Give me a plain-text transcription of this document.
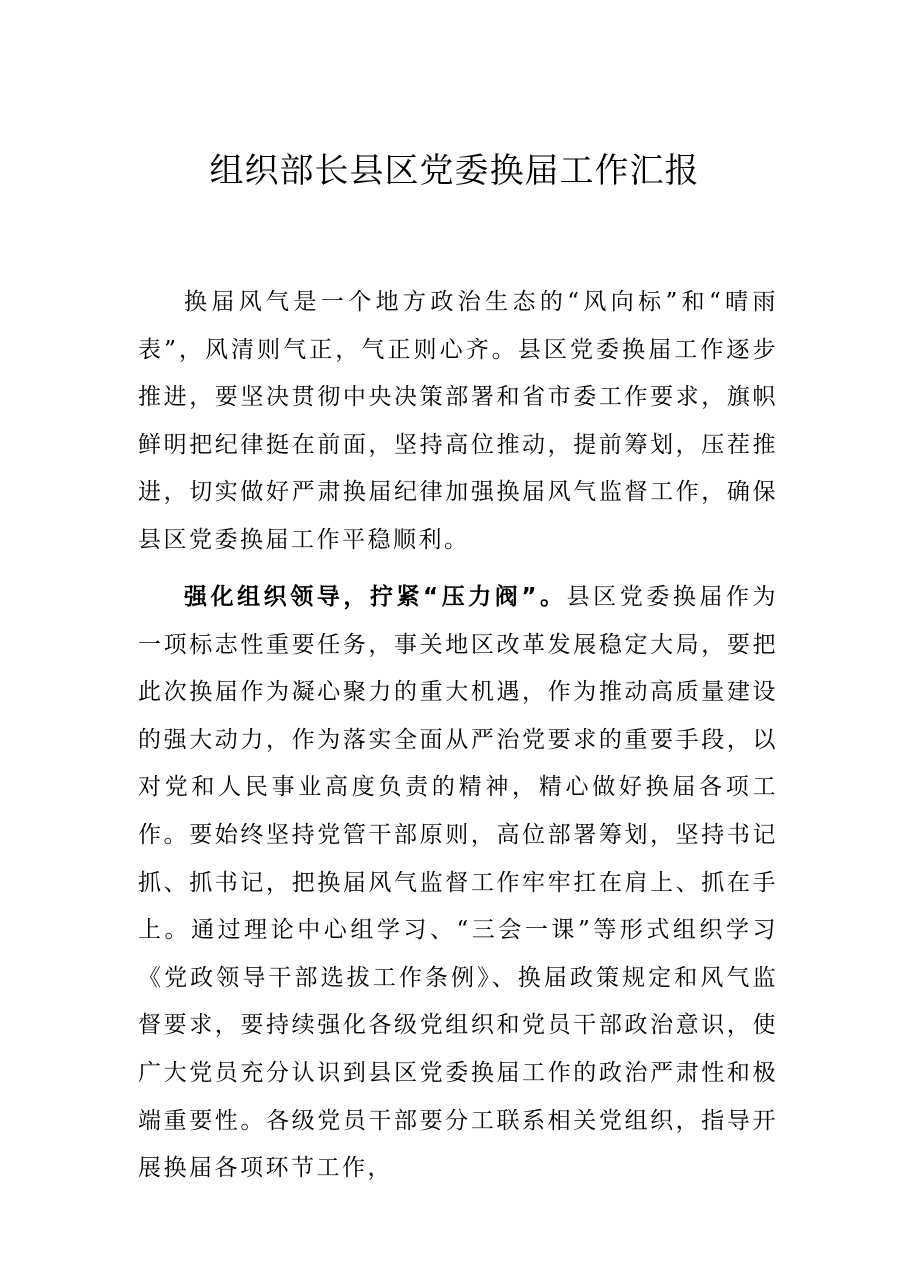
组织部长县区党委换届工作汇报

换届风气是一个地方政治生态的“风向标”和“晴雨表”，风清则气正，气正则心齐。县区党委换届工作逐步推进，要坚决贯彻中央决策部署和省市委工作要求，旗帜鲜明把纪律挺在前面，坚持高位推动，提前筹划，压茬推进，切实做好严肃换届纪律加强换届风气监督工作，确保县区党委换届工作平稳顺利。

强化组织领导，拧紧“压力阀”。县区党委换届作为一项标志性重要任务，事关地区改革发展稳定大局，要把此次换届作为凝心聚力的重大机遇，作为推动高质量建设的强大动力，作为落实全面从严治党要求的重要手段，以对党和人民事业高度负责的精神，精心做好换届各项工作。要始终坚持党管干部原则，高位部署筹划，坚持书记抓、抓书记，把换届风气监督工作牢牢扛在肩上、抓在手上。通过理论中心组学习、“三会一课”等形式组织学习《党政领导干部选拔工作条例》、换届政策规定和风气监督要求，要持续强化各级党组织和党员干部政治意识，使广大党员充分认识到县区党委换届工作的政治严肃性和极端重要性。各级党员干部要分工联系相关党组织，指导开展换届各项环节工作，
